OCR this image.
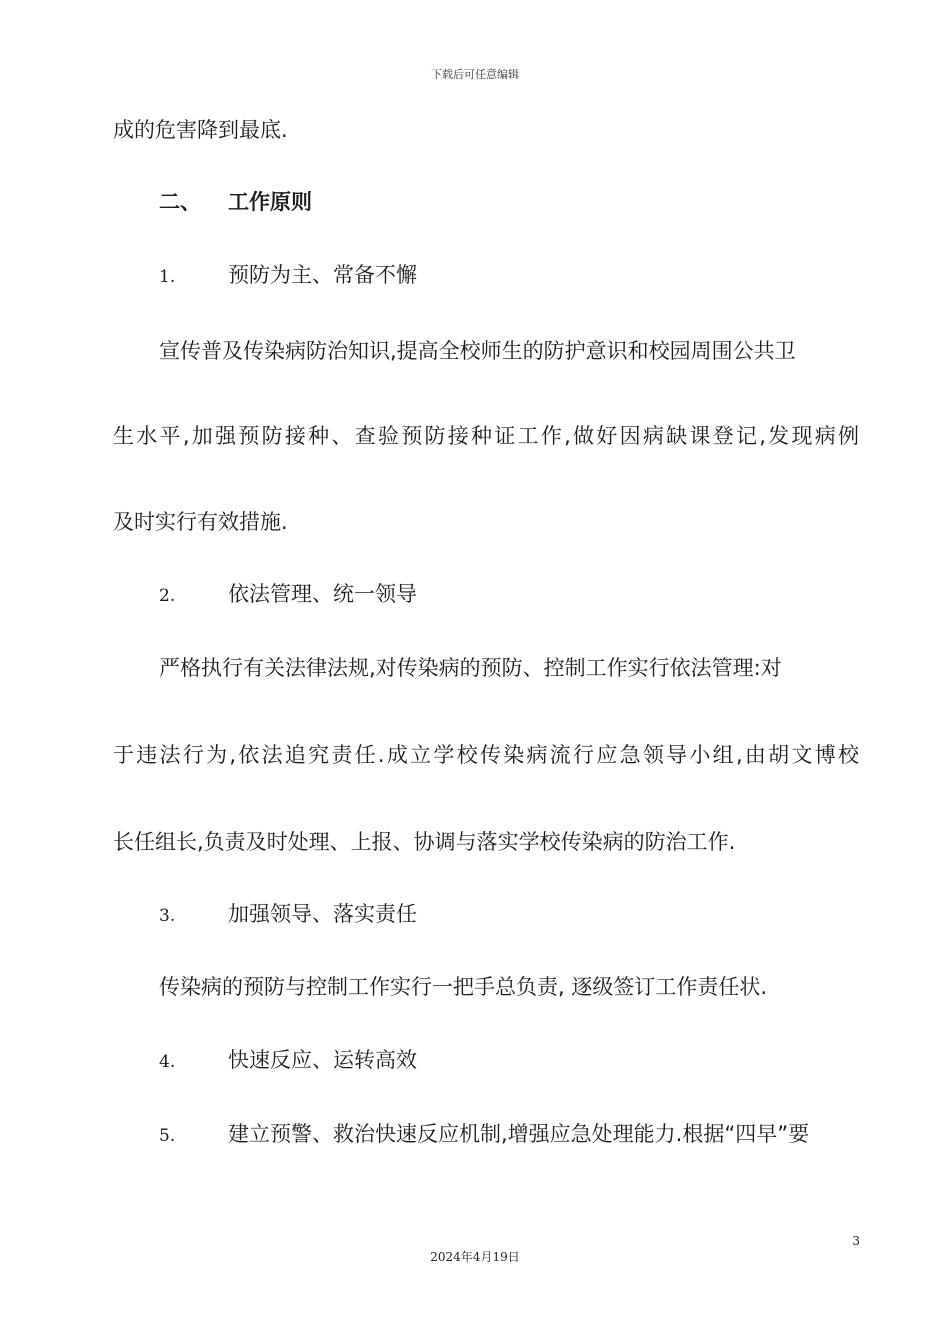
下载后可任意编辑
成的危害降到最底.
二、 工作原则
1.	预防为主、常备不懈
宣传普及传染病防治知识,提高全校师生的防护意识和校园周围公共卫
生水平,加强预防接种、查验预防接种证工作,做好因病缺课登记,发现病例
及时实行有效措施.
2.	依法管理、统一领导
严格执行有关法律法规,对传染病的预防、控制工作实行依法管理:对
于违法行为,依法追究责任.成立学校传染病流行应急领导小组,由胡文博校
长任组长,负责及时处理、上报、协调与落实学校传染病的防治工作.
3.	加强领导、落实责任
传染病的预防与控制工作实行一把手总负责, 逐级签订工作责任状.
4.	快速反应、运转高效
5.	建立预警、救治快速反应机制,增强应急处理能力.根据“四早”要
3
2024年4月19日
